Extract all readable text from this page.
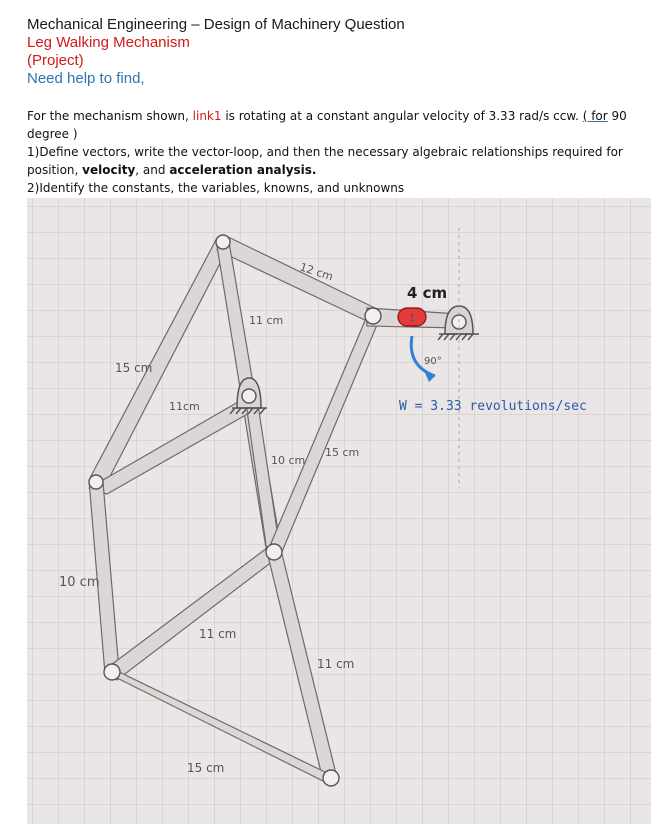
Mechanical Engineering – Design of Machinery Question

Leg Walking Mechanism

(Project)

Need help to find,

For the mechanism shown, link1 is rotating at a constant angular velocity of 3.33 rad/s ccw. ( for 90 degree )

1)Define vectors, write the vector-loop, and then the necessary algebraic relationships required for position, velocity, and acceleration analysis.

2)Identify the constants, the variables, knowns, and unknowns

1
12 cm
4 cm
11 cm
90°
15 cm
W = 3.33 revolutions/sec
11cm
10 cm
15 cm
10 cm
11 cm
11 cm
15 cm
